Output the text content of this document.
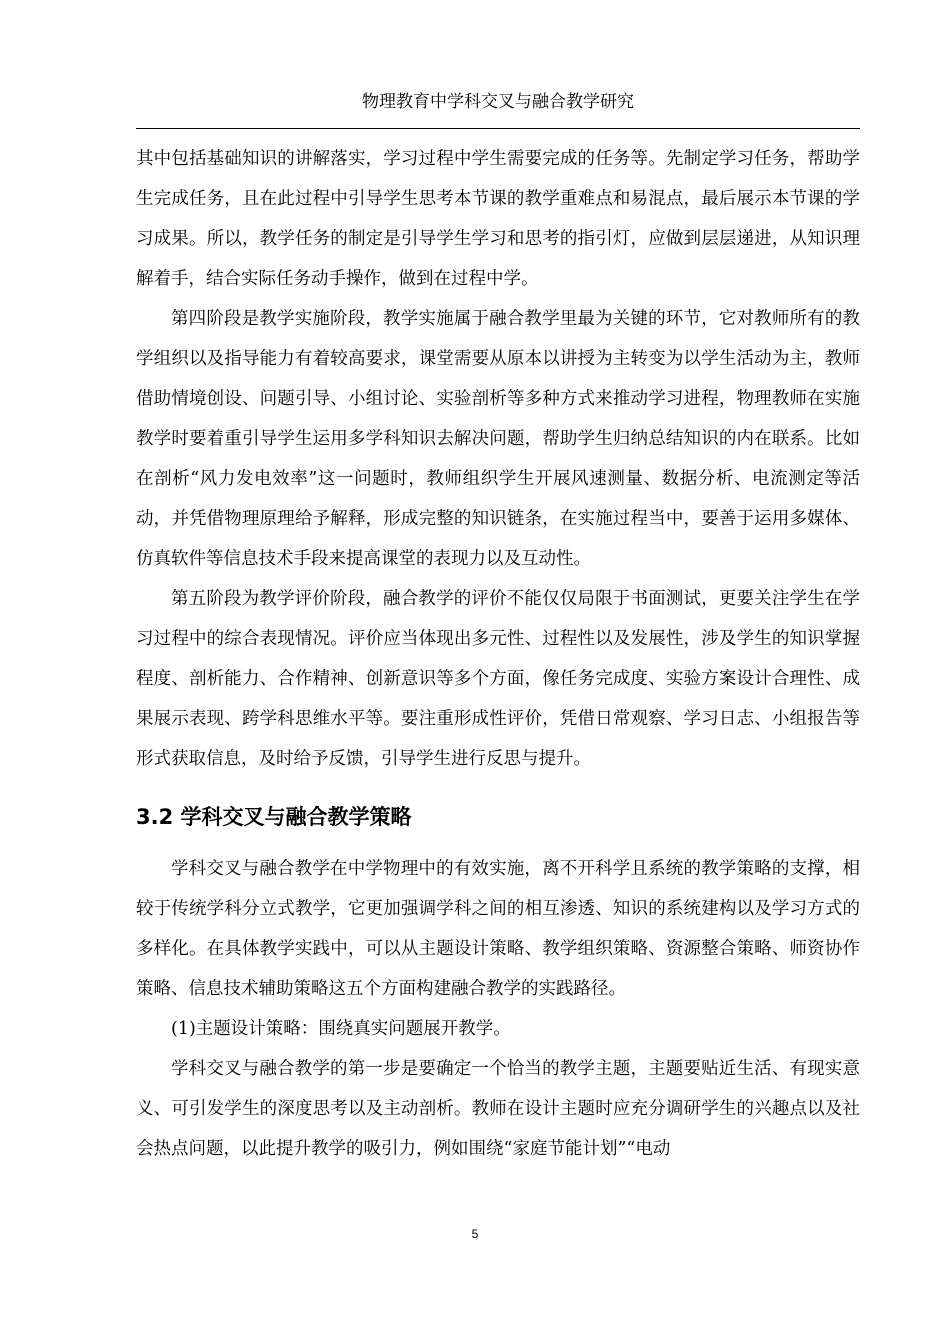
物理教育中学科交叉与融合教学研究

其中包括基础知识的讲解落实，学习过程中学生需要完成的任务等。先制定学习任务，帮助学生完成任务，且在此过程中引导学生思考本节课的教学重难点和易混点，最后展示本节课的学习成果。所以，教学任务的制定是引导学生学习和思考的指引灯，应做到层层递进，从知识理解着手，结合实际任务动手操作，做到在过程中学。

第四阶段是教学实施阶段，教学实施属于融合教学里最为关键的环节，它对教师所有的教学组织以及指导能力有着较高要求，课堂需要从原本以讲授为主转变为以学生活动为主，教师借助情境创设、问题引导、小组讨论、实验剖析等多种方式来推动学习进程，物理教师在实施教学时要着重引导学生运用多学科知识去解决问题，帮助学生归纳总结知识的内在联系。比如在剖析“风力发电效率”这一问题时，教师组织学生开展风速测量、数据分析、电流测定等活动，并凭借物理原理给予解释，形成完整的知识链条，在实施过程当中，要善于运用多媒体、仿真软件等信息技术手段来提高课堂的表现力以及互动性。

第五阶段为教学评价阶段，融合教学的评价不能仅仅局限于书面测试，更要关注学生在学习过程中的综合表现情况。评价应当体现出多元性、过程性以及发展性，涉及学生的知识掌握程度、剖析能力、合作精神、创新意识等多个方面，像任务完成度、实验方案设计合理性、成果展示表现、跨学科思维水平等。要注重形成性评价，凭借日常观察、学习日志、小组报告等形式获取信息，及时给予反馈，引导学生进行反思与提升。

3.2 学科交叉与融合教学策略

学科交叉与融合教学在中学物理中的有效实施，离不开科学且系统的教学策略的支撑，相较于传统学科分立式教学，它更加强调学科之间的相互渗透、知识的系统建构以及学习方式的多样化。在具体教学实践中，可以从主题设计策略、教学组织策略、资源整合策略、师资协作策略、信息技术辅助策略这五个方面构建融合教学的实践路径。

(1)主题设计策略：围绕真实问题展开教学。

学科交叉与融合教学的第一步是要确定一个恰当的教学主题，主题要贴近生活、有现实意义、可引发学生的深度思考以及主动剖析。教师在设计主题时应充分调研学生的兴趣点以及社会热点问题，以此提升教学的吸引力，例如围绕“家庭节能计划”“电动

5
